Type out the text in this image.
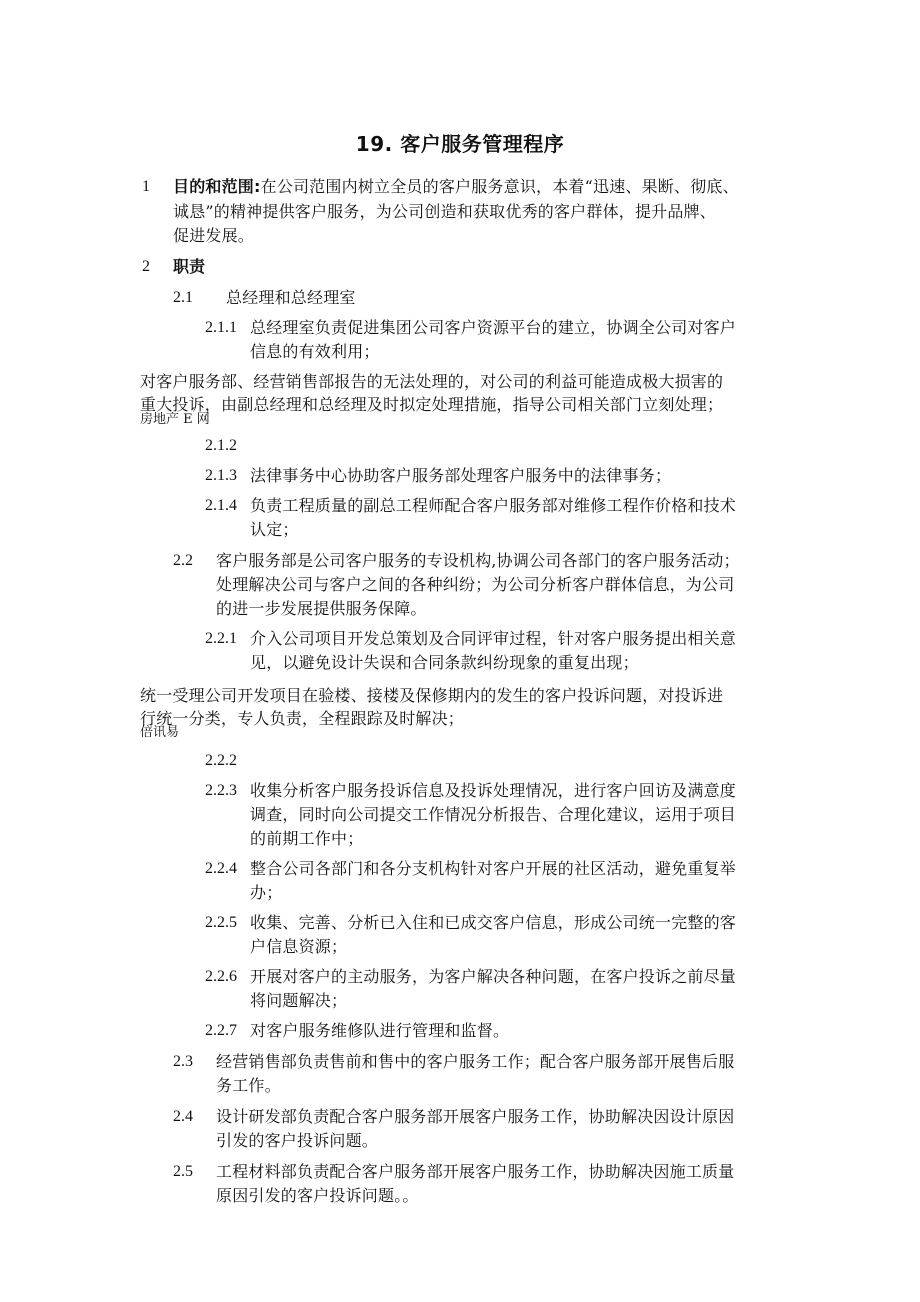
19. 客户服务管理程序
1 目的和范围:在公司范围内树立全员的客户服务意识，本着“迅速、果断、彻底、
诚恳”的精神提供客户服务，为公司创造和获取优秀的客户群体，提升品牌、
促进发展。
2 职责
2.1 总经理和总经理室
2.1.1 总经理室负责促进集团公司客户资源平台的建立，协调全公司对客户
信息的有效利用；
对客户服务部、经营销售部报告的无法处理的，对公司的利益可能造成极大损害的
重大投诉，由副总经理和总经理及时拟定处理措施，指导公司相关部门立刻处理；
房地产 E 网
2.1.2
2.1.3 法律事务中心协助客户服务部处理客户服务中的法律事务；
2.1.4 负责工程质量的副总工程师配合客户服务部对维修工程作价格和技术
认定；
2.2 客户服务部是公司客户服务的专设机构,协调公司各部门的客户服务活动；
处理解决公司与客户之间的各种纠纷；为公司分析客户群体信息，为公司
的进一步发展提供服务保障。
2.2.1 介入公司项目开发总策划及合同评审过程，针对客户服务提出相关意
见，以避免设计失误和合同条款纠纷现象的重复出现；
统一受理公司开发项目在验楼、接楼及保修期内的发生的客户投诉问题，对投诉进
行统一分类，专人负责，全程跟踪及时解决；
倍讯易
2.2.2
2.2.3 收集分析客户服务投诉信息及投诉处理情况，进行客户回访及满意度
调查，同时向公司提交工作情况分析报告、合理化建议，运用于项目
的前期工作中；
2.2.4 整合公司各部门和各分支机构针对客户开展的社区活动，避免重复举
办；
2.2.5 收集、完善、分析已入住和已成交客户信息，形成公司统一完整的客
户信息资源；
2.2.6 开展对客户的主动服务，为客户解决各种问题，在客户投诉之前尽量
将问题解决；
2.2.7 对客户服务维修队进行管理和监督。
2.3 经营销售部负责售前和售中的客户服务工作；配合客户服务部开展售后服
务工作。
2.4 设计研发部负责配合客户服务部开展客户服务工作，协助解决因设计原因
引发的客户投诉问题。
2.5 工程材料部负责配合客户服务部开展客户服务工作，协助解决因施工质量
原因引发的客户投诉问题。。
